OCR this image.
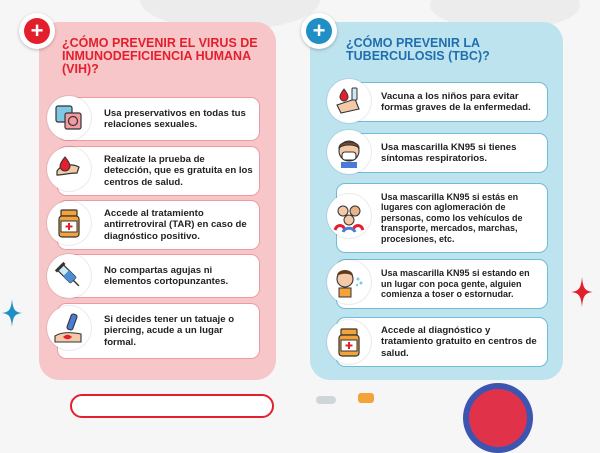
+	¿CÓMO PREVENIR EL VIRUS DE INMUNODEFICIENCIA HUMANA (VIH)?
Usa preservativos en todas tus relaciones sexuales.
Realízate la prueba de detección, que es gratuita en los centros de salud.
Accede al tratamiento antirretroviral (TAR) en caso de diagnóstico positivo.
No compartas agujas ni elementos cortopunzantes.
Si decides tener un tatuaje o piercing, acude a un lugar formal.
+	¿CÓMO PREVENIR LA TUBERCULOSIS (TBC)?
Vacuna a los niños para evitar formas graves de la enfermedad.
Usa mascarilla KN95 si tienes síntomas respiratorios.
Usa mascarilla KN95 si estás en lugares con aglomeración de personas, como los vehículos de transporte, mercados, marchas, procesiones, etc.
Usa mascarilla KN95 si estando en un lugar con poca gente, alguien comienza a toser o estornudar.
Accede al diagnóstico y tratamiento gratuito en centros de salud.
